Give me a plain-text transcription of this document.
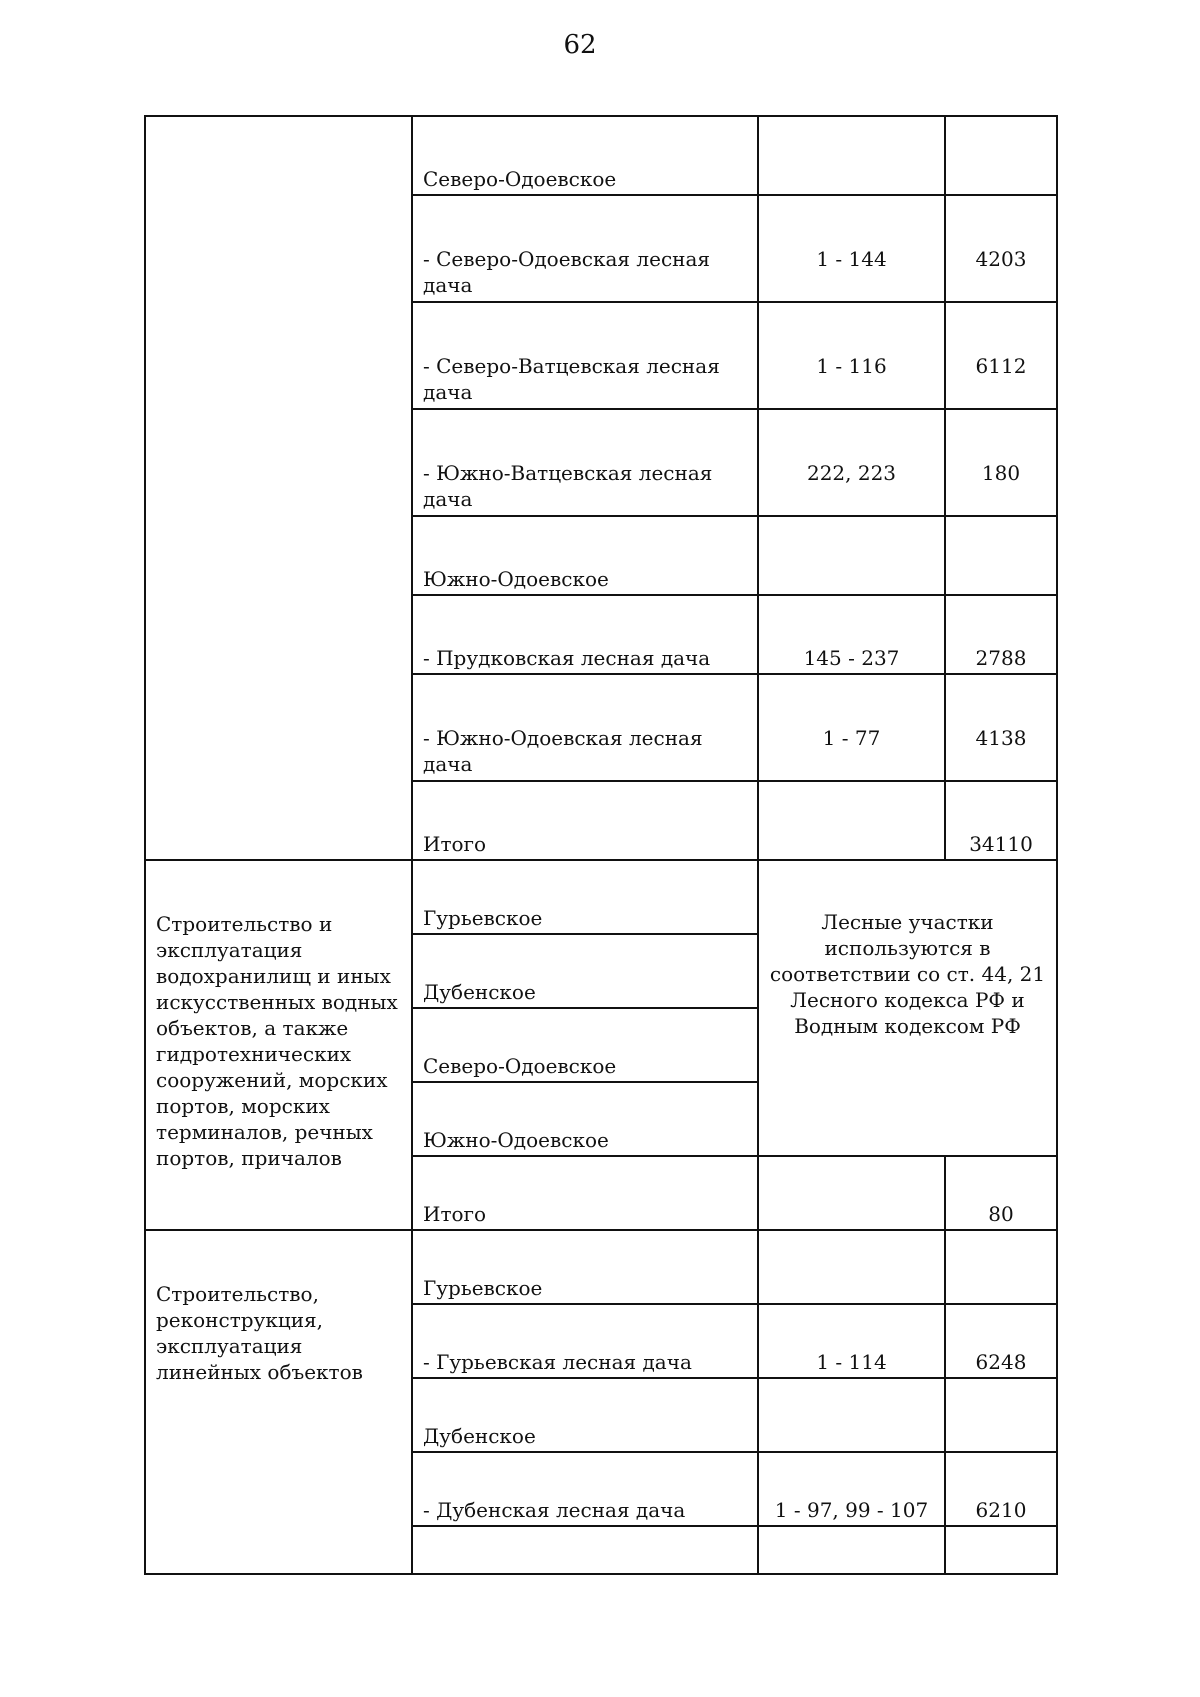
62
	Северо-Одоевское		
	- Северо-Одоевская лесная дача	1 - 144	4203
	- Северо-Ватцевская лесная дача	1 - 116	6112
	- Южно-Ватцевская лесная дача	222, 223	180
	Южно-Одоевское		
	- Прудковская лесная дача	145 - 237	2788
	- Южно-Одоевская лесная дача	1 - 77	4138
	Итого		34110
Строительство и эксплуатация водохранилищ и иных искусственных водных объектов, а также гидротехнических сооружений, морских портов, морских терминалов, речных портов, причалов	Гурьевское	Лесные участки используются в соответствии со ст. 44, 21 Лесного кодекса РФ и Водным кодексом РФ	
	Дубенское		
	Северо-Одоевское		
	Южно-Одоевское		
	Итого		80
Строительство, реконструкция, эксплуатация линейных объектов	Гурьевское		
	- Гурьевская лесная дача	1 - 114	6248
	Дубенское		
	- Дубенская лесная дача	1 - 97, 99 - 107	6210
